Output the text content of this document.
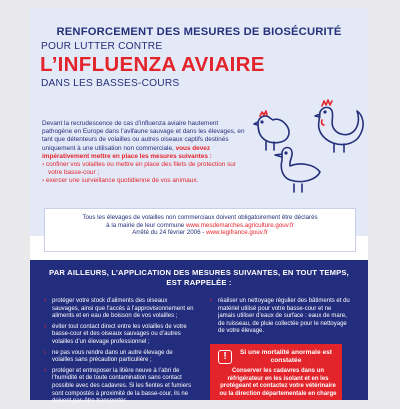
RENFORCEMENT DES MESURES DE BIOSÉCURITÉ
POUR LUTTER CONTRE
L’INFLUENZA AVIAIRE
DANS LES BASSES-COURS
Devant la recrudescence de cas d’influenza aviaire hautement pathogène en Europe dans l’avifaune sauvage et dans les élevages, en tant que détenteurs de volailles ou autres oiseaux captifs destinés uniquement à une utilisation non commerciale, vous devez impérativement mettre en place les mesures suivantes :
› confiner vos volailles ou mettre en place des filets de protection sur votre basse-cour ;
› exercer une surveillance quotidienne de vos animaux.
Tous les élevages de volailles non commerciaux doivent obligatoirement être déclarés
à la mairie de leur commune www.mesdemarches.agriculture.gouv.fr
Arrêté du 24 février 2006 - www.legifrance.gouv.fr
PAR AILLEURS, L’APPLICATION DES MESURES SUIVANTES, EN TOUT TEMPS,
EST RAPPELÉE :
› protéger votre stock d’aliments des oiseaux sauvages, ainsi que l’accès à l’approvisionnement en aliments et en eau de boisson de vos volailles ;
› éviter tout contact direct entre les volailles de votre basse-cour et des oiseaux sauvages ou d’autres volailles d’un élevage professionnel ;
› ne pas vous rendre dans un autre élevage de volailles sans précaution particulière ;
› protéger et entreposer la litière neuve à l’abri de l’humidité et de toute contamination sans contact possible avec des cadavres. Si les fientes et fumiers sont compostés à proximité de la basse-cour, ils ne doivent pas être transportés
› réaliser un nettoyage régulier des bâtiments et du matériel utilisé pour votre basse-cour et ne jamais utiliser d’eaux de surface : eaux de mare, de ruisseau, de pluie collectée pour le nettoyage de votre élevage.
!	Si une mortalité anormale est constatée
Conserver les cadavres dans un réfrigérateur en les isolant et en les protégeant et contactez votre vétérinaire ou la direction départementale en charge
